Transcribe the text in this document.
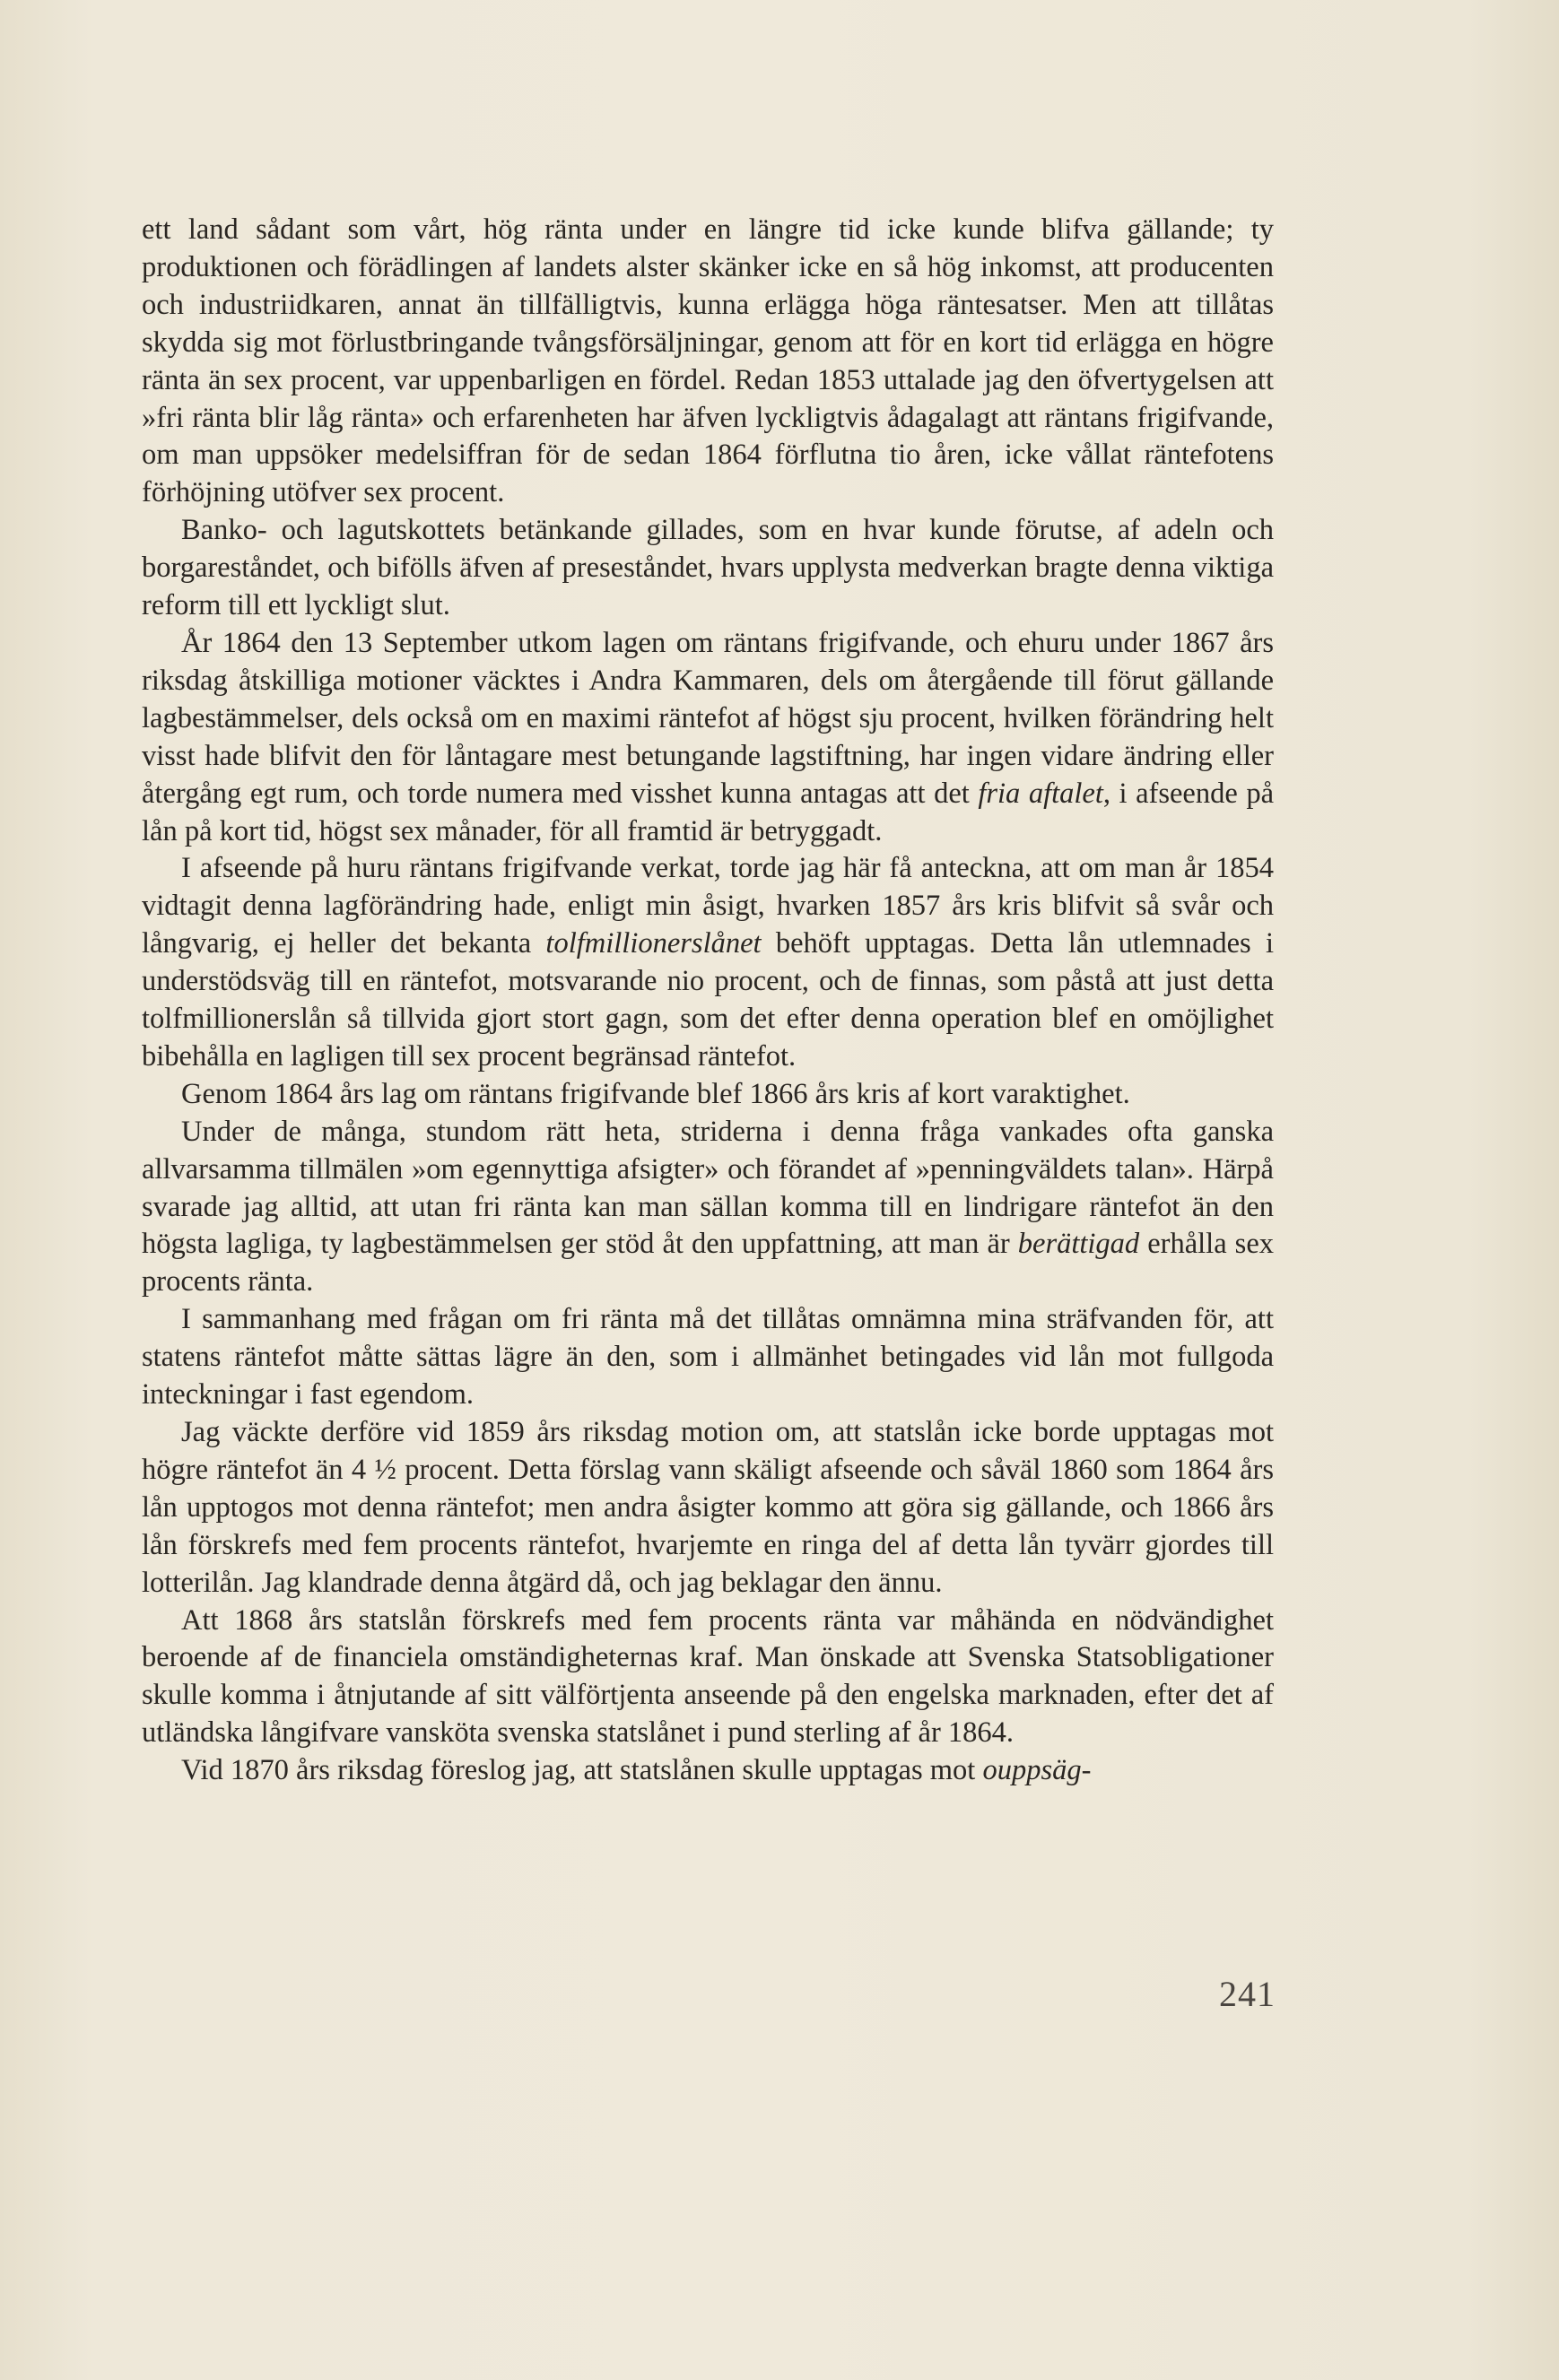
ett land sådant som vårt, hög ränta under en längre tid icke kunde blifva gällande; ty produktionen och förädlingen af landets alster skänker icke en så hög inkomst, att producenten och industriidkaren, annat än tillfälligtvis, kunna erlägga höga räntesatser. Men att tillåtas skydda sig mot förlustbringande tvångsförsäljningar, genom att för en kort tid erlägga en högre ränta än sex procent, var uppenbarligen en fördel. Redan 1853 uttalade jag den öfvertygelsen att »fri ränta blir låg ränta» och erfarenheten har äfven lyckligtvis ådagalagt att räntans frigifvande, om man uppsöker medelsiffran för de sedan 1864 förflutna tio åren, icke vållat räntefotens förhöjning utöfver sex procent.

Banko- och lagutskottets betänkande gillades, som en hvar kunde förutse, af adeln och borgareståndet, och bifölls äfven af preseståndet, hvars upplysta medverkan bragte denna viktiga reform till ett lyckligt slut.

År 1864 den 13 September utkom lagen om räntans frigifvande, och ehuru under 1867 års riksdag åtskilliga motioner väcktes i Andra Kammaren, dels om återgående till förut gällande lagbestämmelser, dels också om en maximi räntefot af högst sju procent, hvilken förändring helt visst hade blifvit den för låntagare mest betungande lagstiftning, har ingen vidare ändring eller återgång egt rum, och torde numera med visshet kunna antagas att det fria aftalet, i afseende på lån på kort tid, högst sex månader, för all framtid är betryggadt.

I afseende på huru räntans frigifvande verkat, torde jag här få anteckna, att om man år 1854 vidtagit denna lagförändring hade, enligt min åsigt, hvarken 1857 års kris blifvit så svår och långvarig, ej heller det bekanta tolfmillionerslånet behöft upptagas. Detta lån utlemnades i understödsväg till en räntefot, motsvarande nio procent, och de finnas, som påstå att just detta tolfmillionerslån så tillvida gjort stort gagn, som det efter denna operation blef en omöjlighet bibehålla en lagligen till sex procent begränsad räntefot.

Genom 1864 års lag om räntans frigifvande blef 1866 års kris af kort varaktighet.

Under de många, stundom rätt heta, striderna i denna fråga vankades ofta ganska allvarsamma tillmälen »om egennyttiga afsigter» och förandet af »penningväldets talan». Härpå svarade jag alltid, att utan fri ränta kan man sällan komma till en lindrigare räntefot än den högsta lagliga, ty lagbestämmelsen ger stöd åt den uppfattning, att man är berättigad erhålla sex procents ränta.

I sammanhang med frågan om fri ränta må det tillåtas omnämna mina sträfvanden för, att statens räntefot måtte sättas lägre än den, som i allmänhet betingades vid lån mot fullgoda inteckningar i fast egendom.

Jag väckte derföre vid 1859 års riksdag motion om, att statslån icke borde upptagas mot högre räntefot än 4 ½ procent. Detta förslag vann skäligt afseende och såväl 1860 som 1864 års lån upptogos mot denna räntefot; men andra åsigter kommo att göra sig gällande, och 1866 års lån förskrefs med fem procents räntefot, hvarjemte en ringa del af detta lån tyvärr gjordes till lotterilån. Jag klandrade denna åtgärd då, och jag beklagar den ännu.

Att 1868 års statslån förskrefs med fem procents ränta var måhända en nödvändighet beroende af de financiela omständigheternas kraf. Man önskade att Svenska Statsobligationer skulle komma i åtnjutande af sitt välförtjenta anseende på den engelska marknaden, efter det af utländska långifvare vansköta svenska statslånet i pund sterling af år 1864.

Vid 1870 års riksdag föreslog jag, att statslånen skulle upptagas mot ouppsäg-

241
